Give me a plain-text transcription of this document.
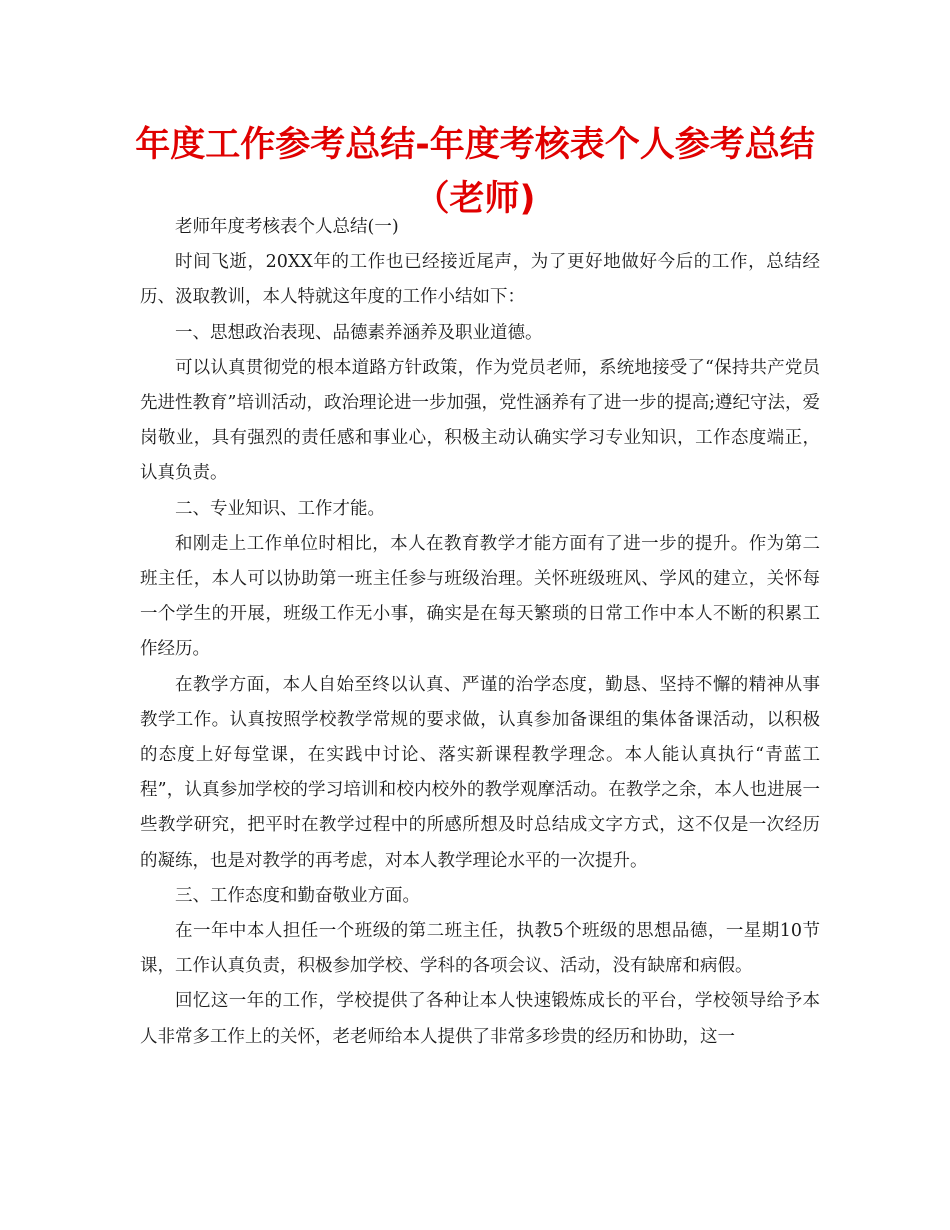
年度工作参考总结-年度考核表个人参考总结（老师)

老师年度考核表个人总结(一)

时间飞逝，20XX年的工作也已经接近尾声，为了更好地做好今后的工作，总结经历、汲取教训，本人特就这年度的工作小结如下：

一、思想政治表现、品德素养涵养及职业道德。

可以认真贯彻党的根本道路方针政策，作为党员老师，系统地接受了“保持共产党员先进性教育”培训活动，政治理论进一步加强，党性涵养有了进一步的提高;遵纪守法，爱岗敬业，具有强烈的责任感和事业心，积极主动认确实学习专业知识，工作态度端正，认真负责。

二、专业知识、工作才能。

和刚走上工作单位时相比，本人在教育教学才能方面有了进一步的提升。作为第二班主任，本人可以协助第一班主任参与班级治理。关怀班级班风、学风的建立，关怀每一个学生的开展，班级工作无小事，确实是在每天繁琐的日常工作中本人不断的积累工作经历。

在教学方面，本人自始至终以认真、严谨的治学态度，勤恳、坚持不懈的精神从事教学工作。认真按照学校教学常规的要求做，认真参加备课组的集体备课活动，以积极的态度上好每堂课，在实践中讨论、落实新课程教学理念。本人能认真执行“青蓝工程”，认真参加学校的学习培训和校内校外的教学观摩活动。在教学之余，本人也进展一些教学研究，把平时在教学过程中的所感所想及时总结成文字方式，这不仅是一次经历的凝练，也是对教学的再考虑，对本人教学理论水平的一次提升。

三、工作态度和勤奋敬业方面。

在一年中本人担任一个班级的第二班主任，执教5个班级的思想品德，一星期10节课，工作认真负责，积极参加学校、学科的各项会议、活动，没有缺席和病假。

回忆这一年的工作，学校提供了各种让本人快速锻炼成长的平台，学校领导给予本人非常多工作上的关怀，老老师给本人提供了非常多珍贵的经历和协助，这一
